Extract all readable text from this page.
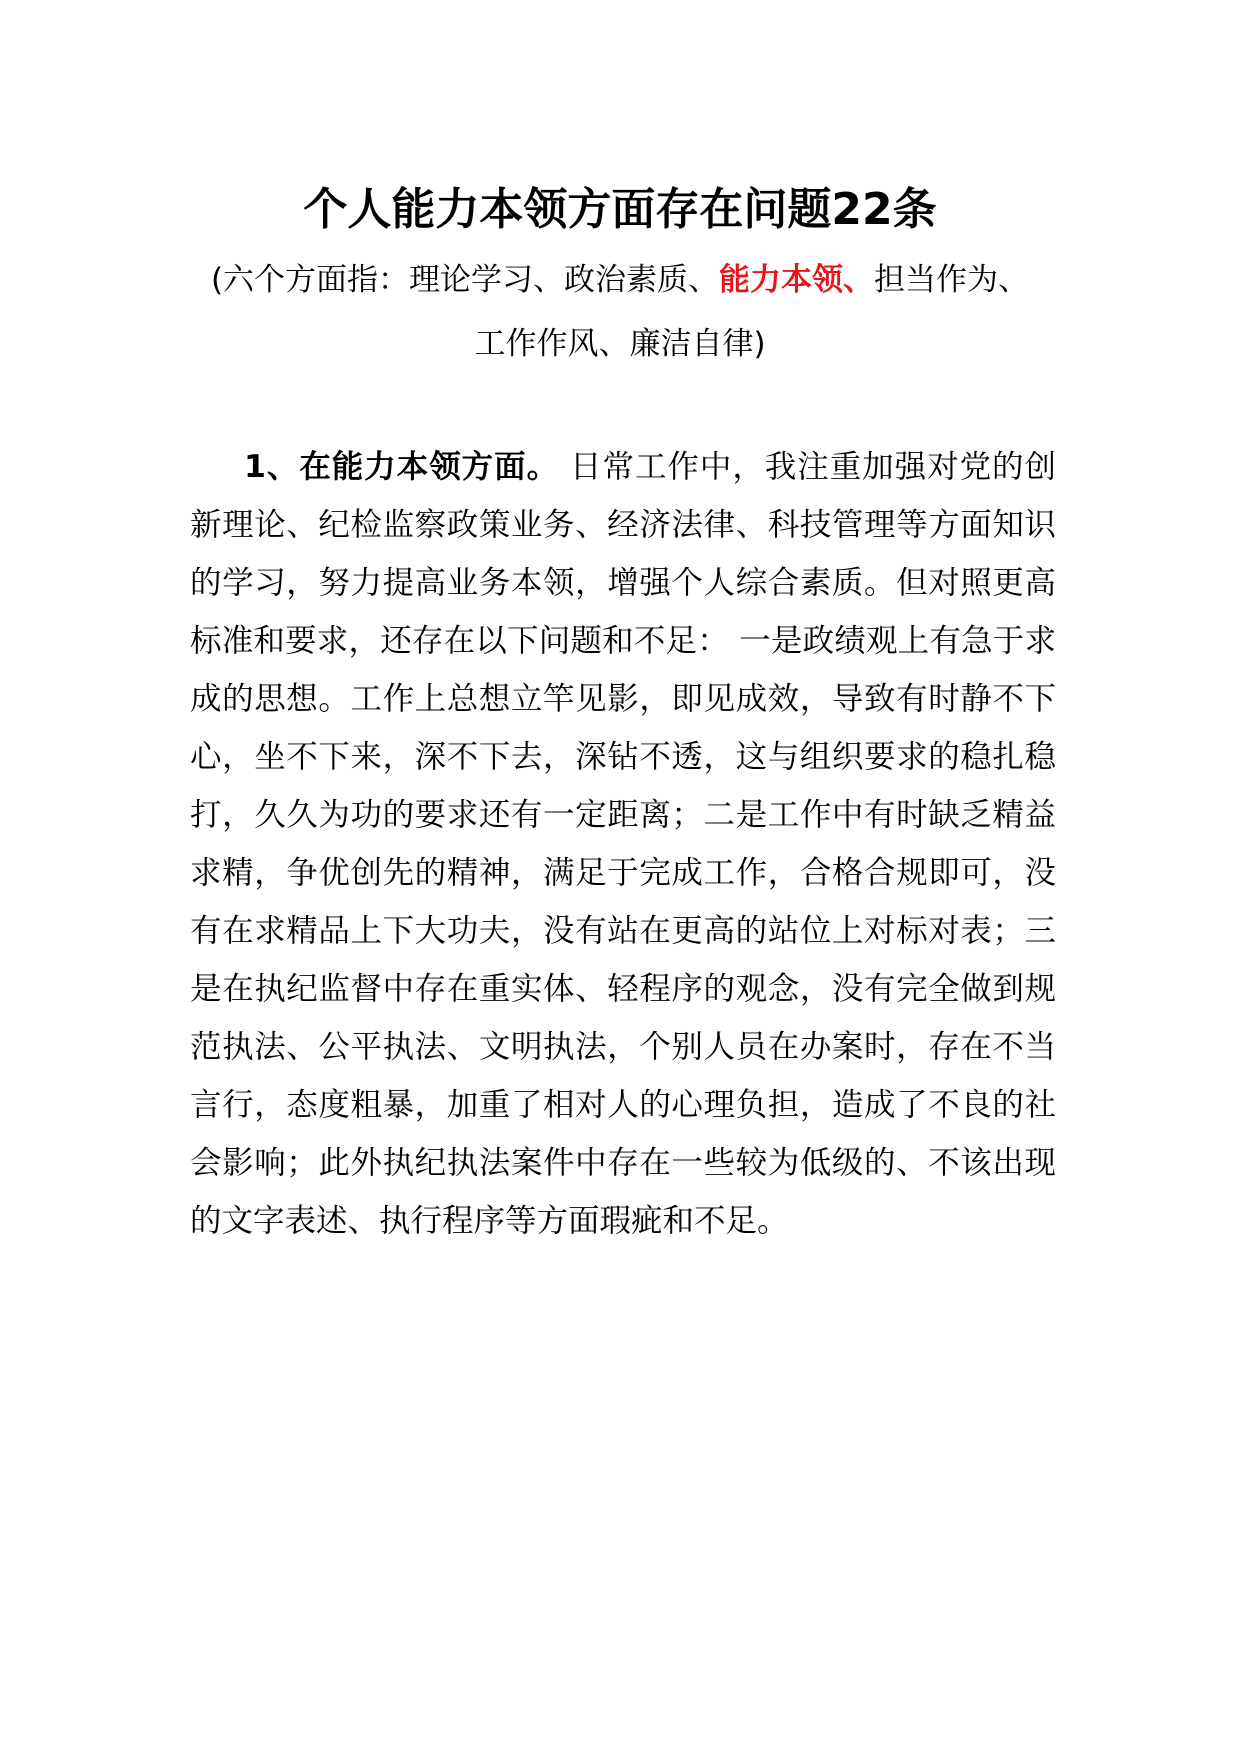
个人能力本领方面存在问题22条
(六个方面指：理论学习、政治素质、能力本领、担当作为、工作作风、廉洁自律)

1、在能力本领方面。 日常工作中，我注重加强对党的创新理论、纪检监察政策业务、经济法律、科技管理等方面知识的学习，努力提高业务本领，增强个人综合素质。但对照更高标准和要求，还存在以下问题和不足： 一是政绩观上有急于求成的思想。工作上总想立竿见影，即见成效，导致有时静不下心，坐不下来，深不下去，深钻不透，这与组织要求的稳扎稳打，久久为功的要求还有一定距离；二是工作中有时缺乏精益求精，争优创先的精神，满足于完成工作，合格合规即可，没有在求精品上下大功夫，没有站在更高的站位上对标对表；三是在执纪监督中存在重实体、轻程序的观念，没有完全做到规范执法、公平执法、文明执法，个别人员在办案时，存在不当言行，态度粗暴，加重了相对人的心理负担，造成了不良的社会影响；此外执纪执法案件中存在一些较为低级的、不该出现的文字表述、执行程序等方面瑕疵和不足。
